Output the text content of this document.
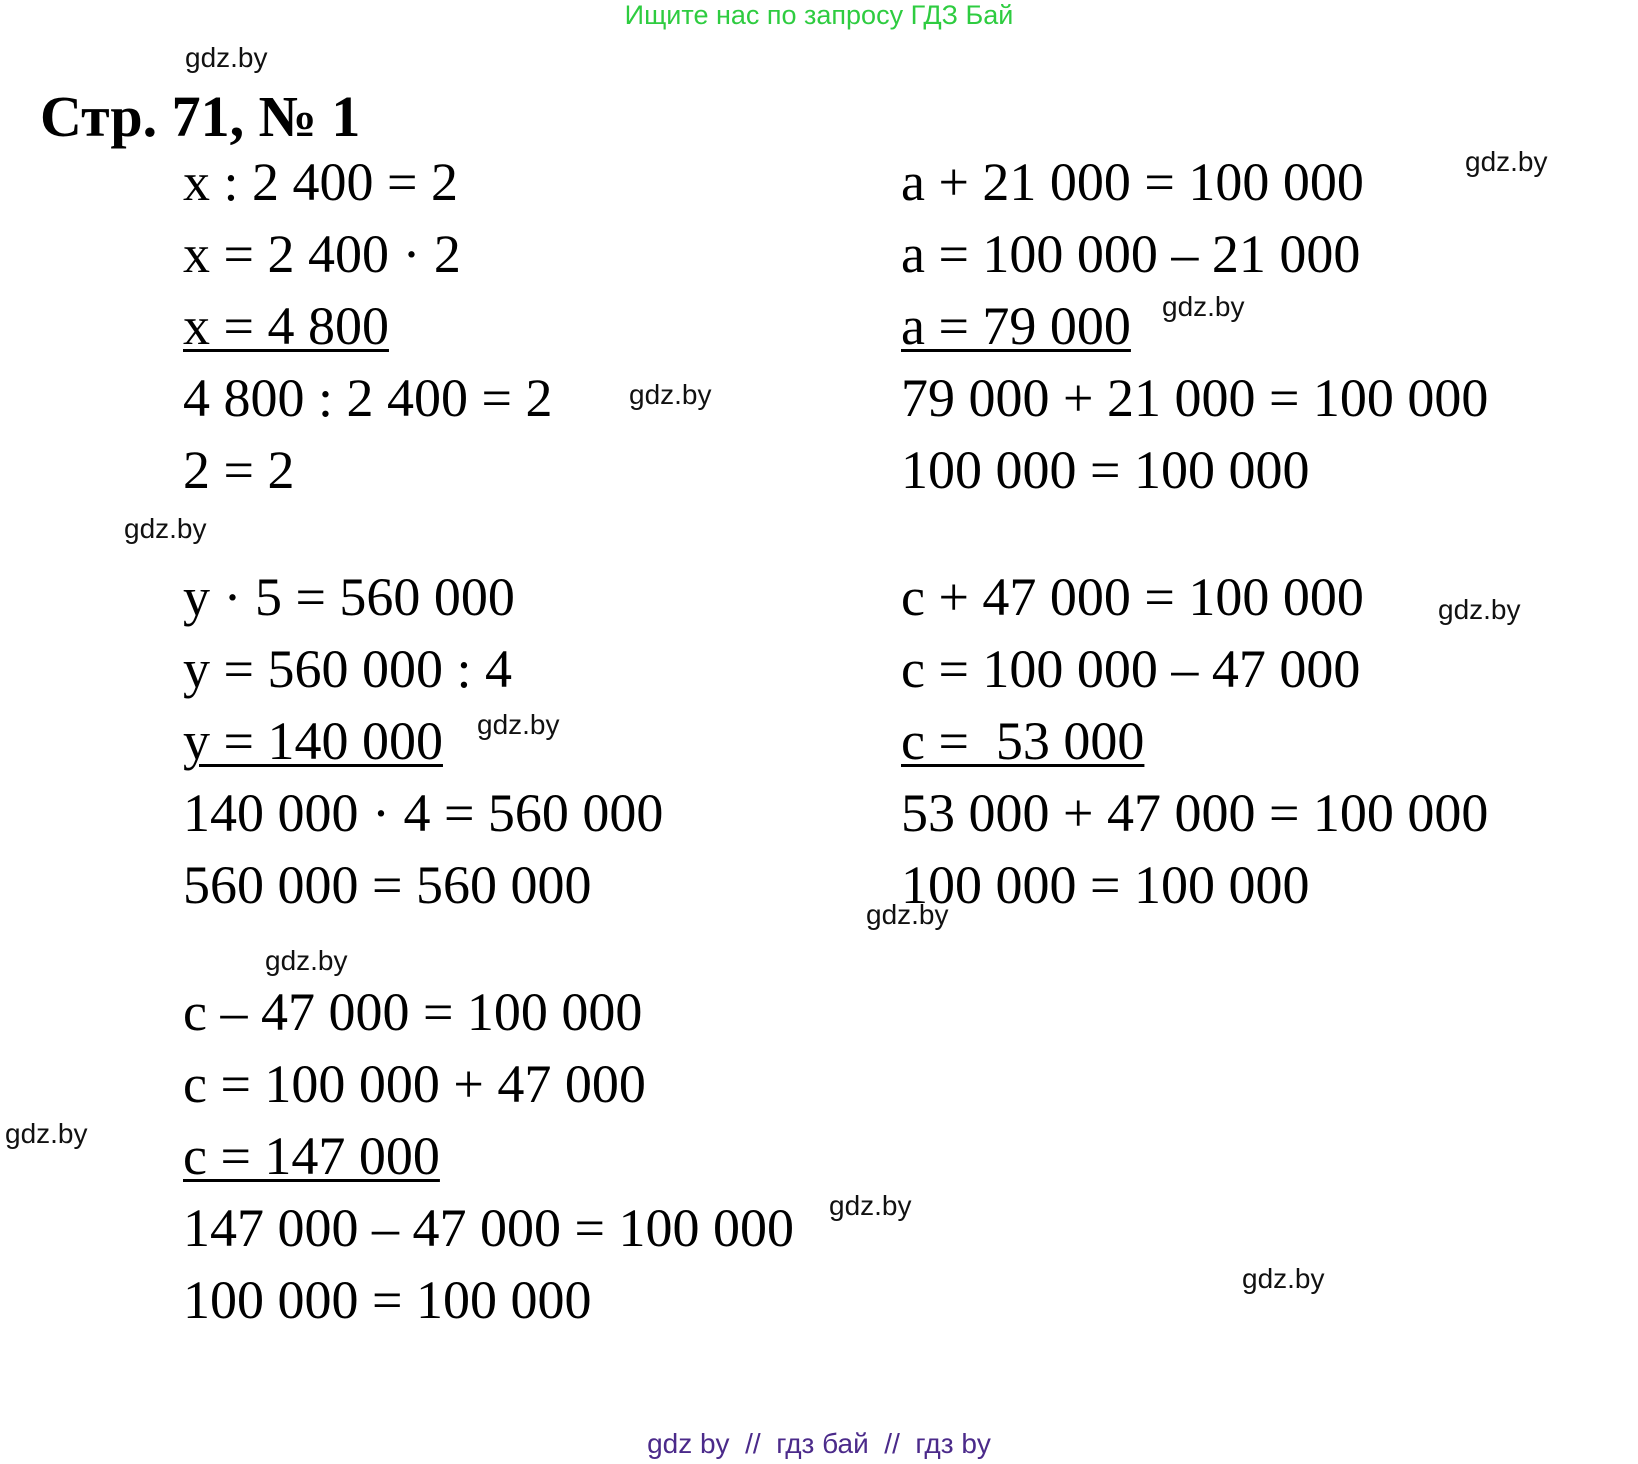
Ищите нас по запросу ГДЗ Бай
Стр. 71, № 1
x : 2 400 = 2
x = 2 400 · 2
x = 4 800
4 800 : 2 400 = 2
2 = 2
a + 21 000 = 100 000
a = 100 000 – 21 000
a = 79 000
79 000 + 21 000 = 100 000
100 000 = 100 000
y · 5 = 560 000
y = 560 000 : 4
y = 140 000
140 000 · 4 = 560 000
560 000 = 560 000
c + 47 000 = 100 000
c = 100 000 – 47 000
c =  53 000
53 000 + 47 000 = 100 000
100 000 = 100 000
c – 47 000 = 100 000
c = 100 000 + 47 000
c = 147 000
147 000 – 47 000 = 100 000
100 000 = 100 000
gdz.by
gdz.by
gdz.by
gdz.by
gdz.by
gdz.by
gdz.by
gdz.by
gdz.by
gdz.by
gdz.by
gdz.by
gdz by  //  гдз бай  //  гдз by
